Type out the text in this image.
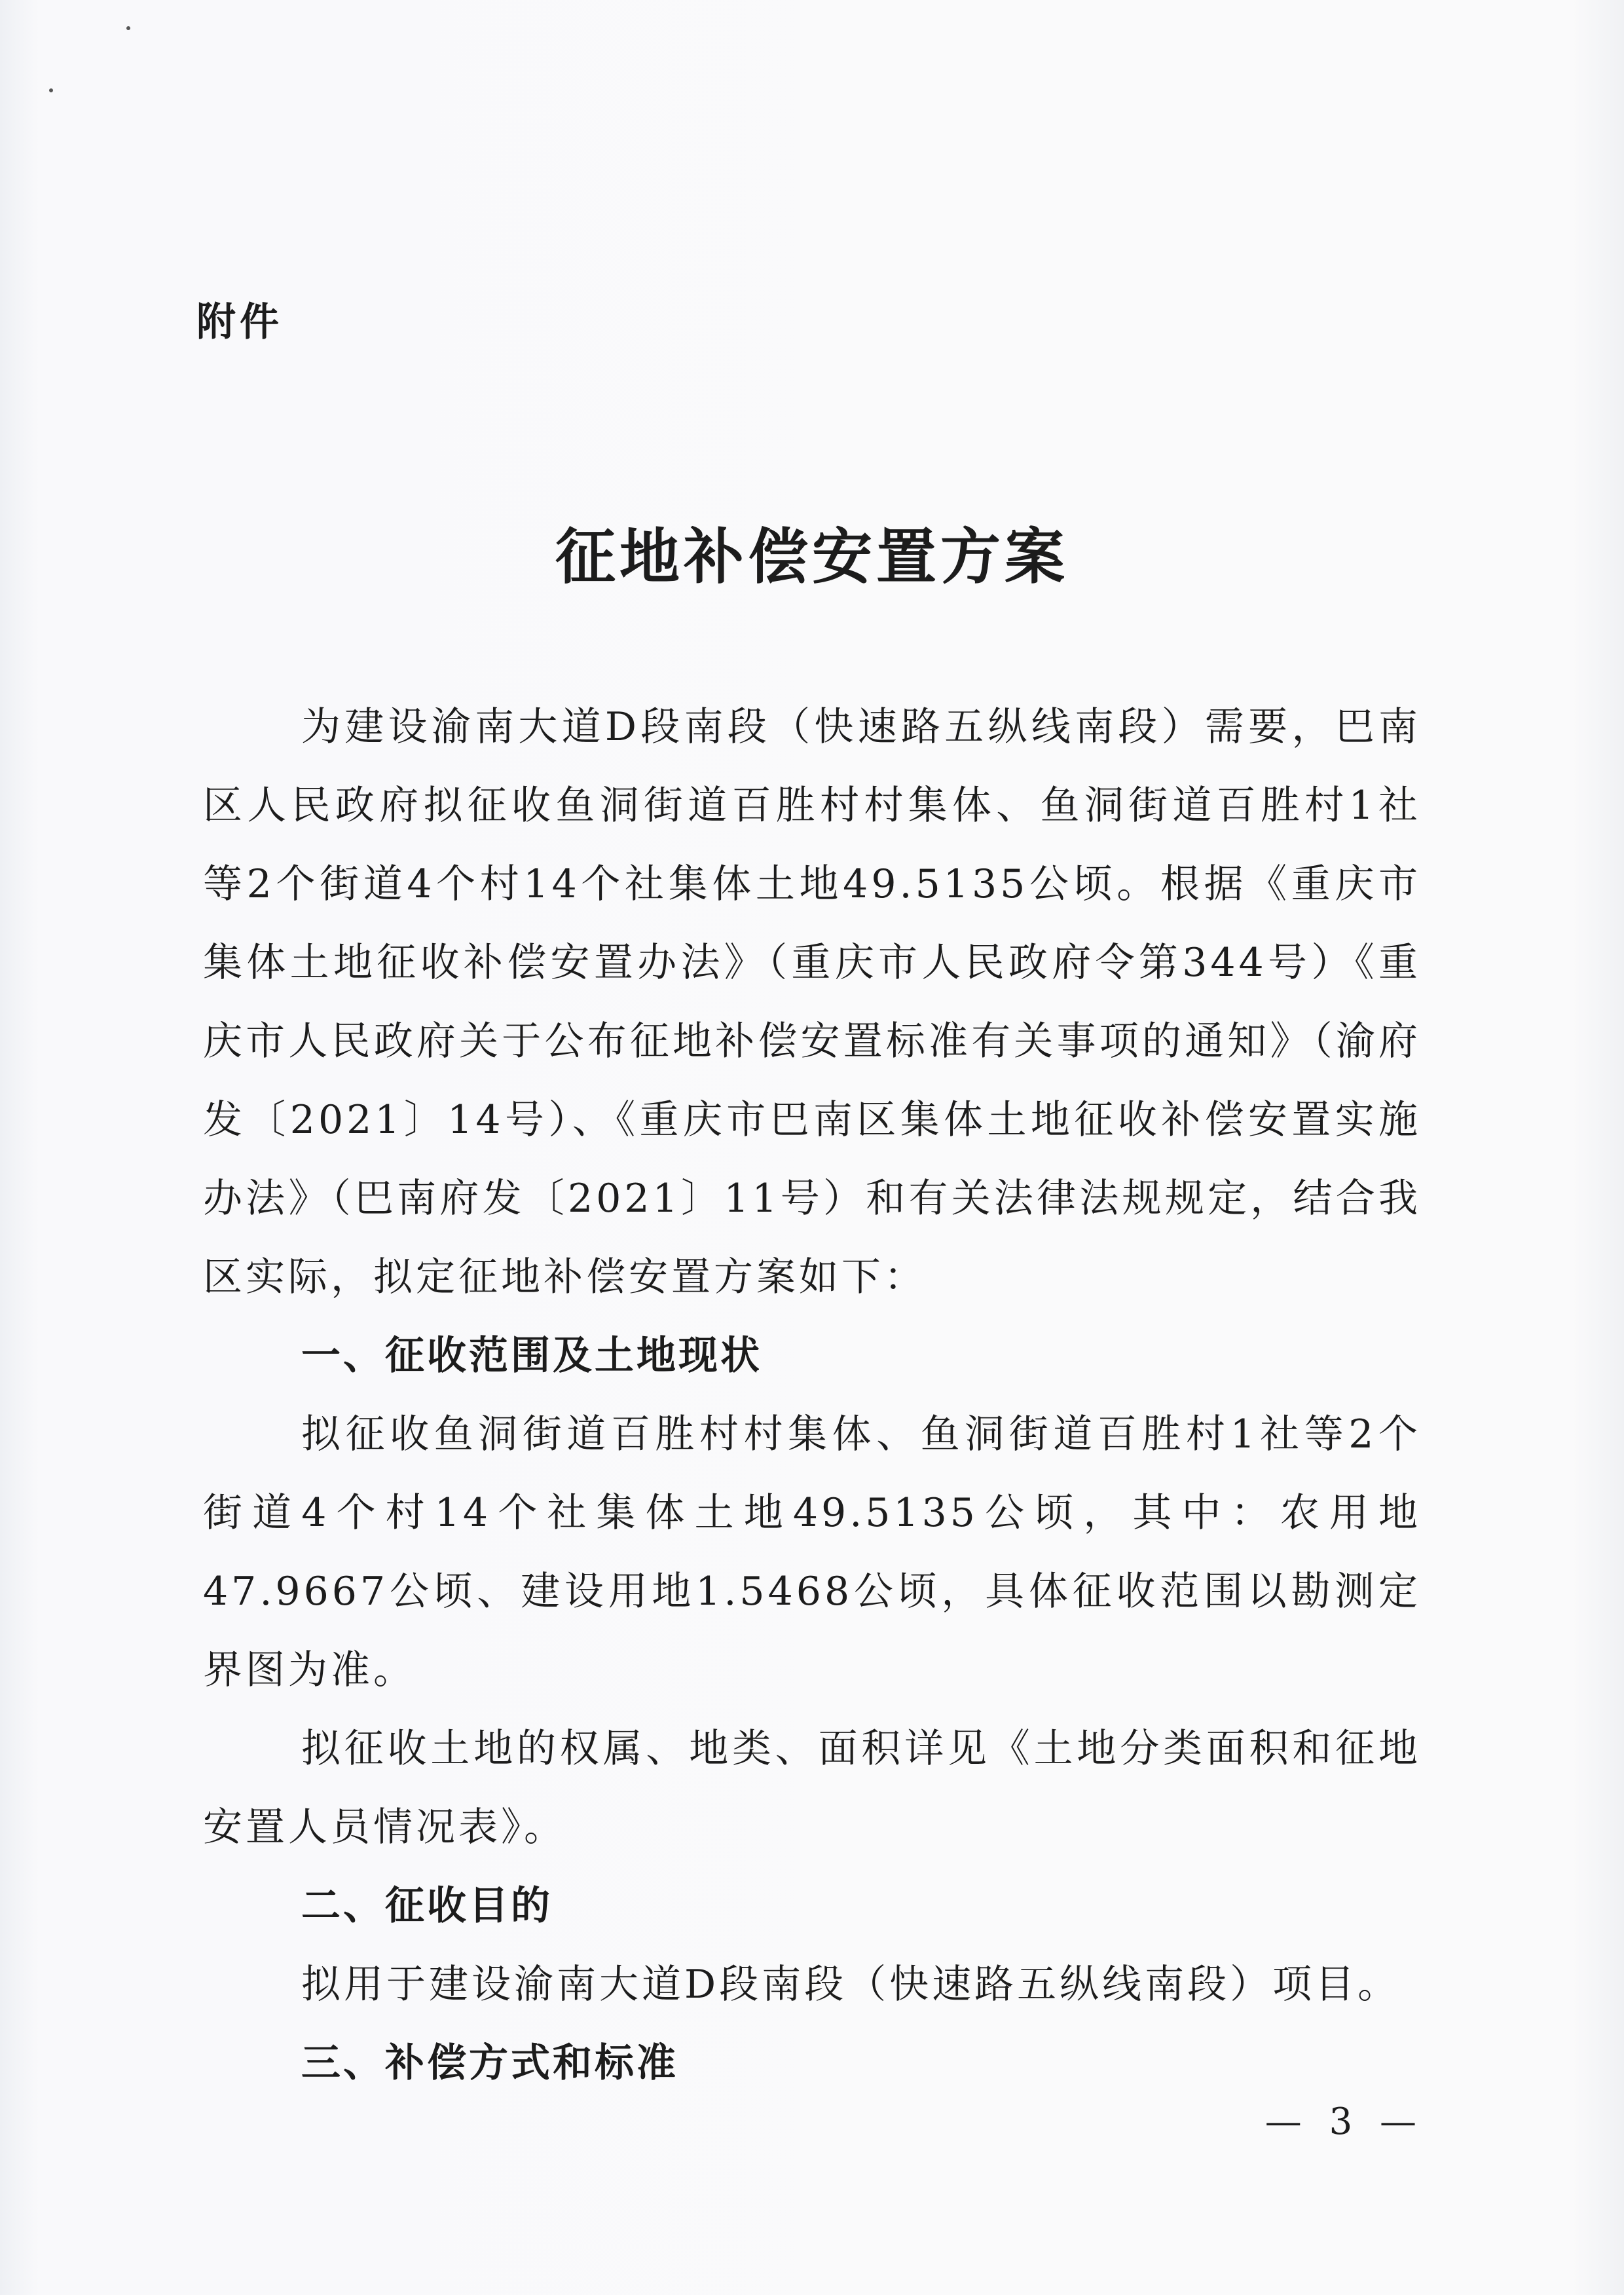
附件
征地补偿安置方案

为建设渝南大道D段南段（快速路五纵线南段）需要，巴南区人民政府拟征收鱼洞街道百胜村村集体、鱼洞街道百胜村1社等2个街道4个村14个社集体土地49.5135公顷。根据《重庆市集体土地征收补偿安置办法》（重庆市人民政府令第344号）《重庆市人民政府关于公布征地补偿安置标准有关事项的通知》（渝府发〔2021〕14号）、《重庆市巴南区集体土地征收补偿安置实施办法》（巴南府发〔2021〕11号）和有关法律法规规定，结合我区实际，拟定征地补偿安置方案如下：

一、征收范围及土地现状

拟征收鱼洞街道百胜村村集体、鱼洞街道百胜村1社等2个街道4个村14个社集体土地49.5135公顷，其中：农用地47.9667公顷、建设用地1.5468公顷，具体征收范围以勘测定界图为准。

拟征收土地的权属、地类、面积详见《土地分类面积和征地安置人员情况表》。

二、征收目的

拟用于建设渝南大道D段南段（快速路五纵线南段）项目。

三、补偿方式和标准

— 3 —
